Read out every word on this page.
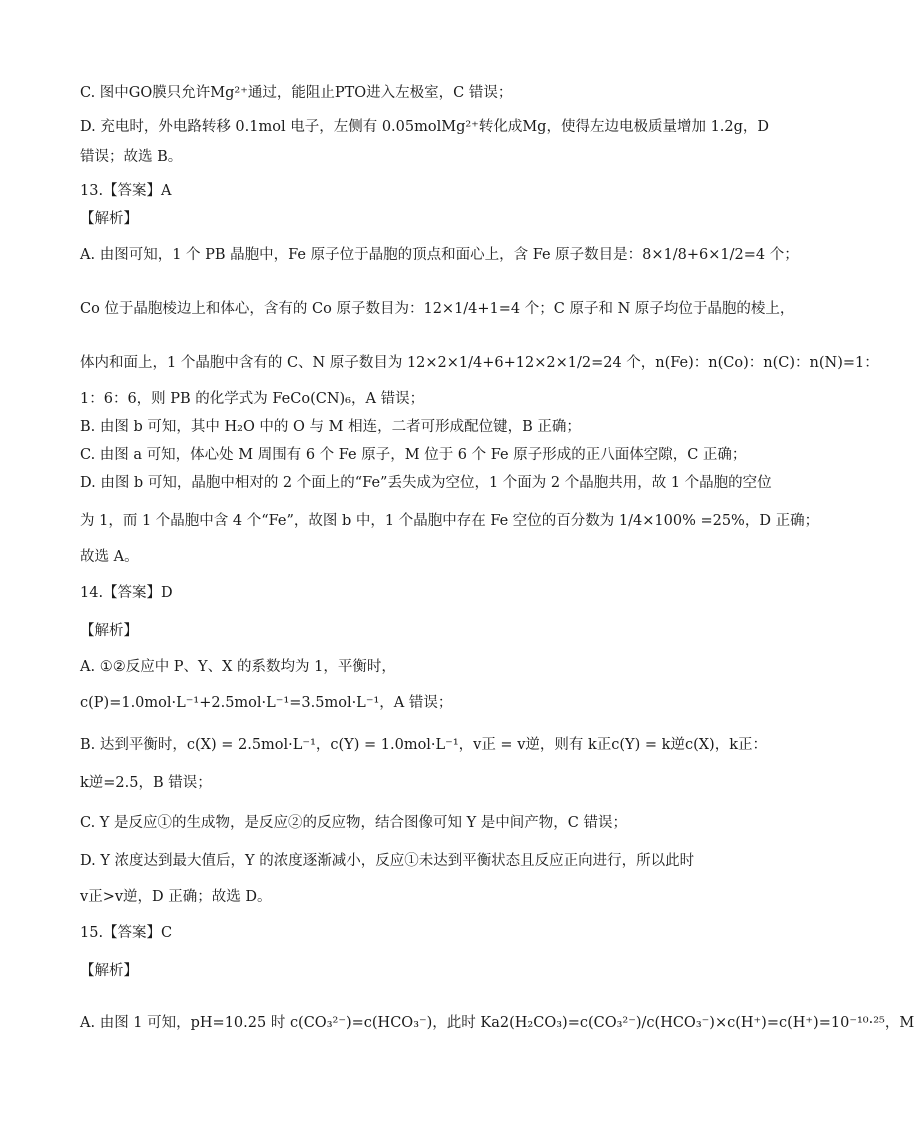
C. 图中GO膜只允许Mg²⁺通过，能阻止PTO进入左极室，C 错误；
D. 充电时，外电路转移 0.1mol 电子，左侧有 0.05molMg²⁺转化成Mg，使得左边电极质量增加 1.2g，D
错误；故选 B。
13.【答案】A
【解析】
A. 由图可知，1 个 PB 晶胞中，Fe 原子位于晶胞的顶点和面心上，含 Fe 原子数目是：8×1/8+6×1/2=4 个；
Co 位于晶胞棱边上和体心，含有的 Co 原子数目为：12×1/4+1=4 个；C 原子和 N 原子均位于晶胞的棱上，
体内和面上，1 个晶胞中含有的 C、N 原子数目为 12×2×1/4+6+12×2×1/2=24 个，n(Fe)：n(Co)：n(C)：n(N)=1：
1：6：6，则 PB 的化学式为 FeCo(CN)₆，A 错误；
B. 由图 b 可知，其中 H₂O 中的 O 与 M 相连，二者可形成配位键，B 正确；
C. 由图 a 可知，体心处 M 周围有 6 个 Fe 原子，M 位于 6 个 Fe 原子形成的正八面体空隙，C 正确；
D. 由图 b 可知，晶胞中相对的 2 个面上的“Fe”丢失成为空位，1 个面为 2 个晶胞共用，故 1 个晶胞的空位
为 1，而 1 个晶胞中含 4 个“Fe”，故图 b 中，1 个晶胞中存在 Fe 空位的百分数为 1/4×100% =25%，D 正确；
故选 A。
14.【答案】D
【解析】
A. ①②反应中 P、Y、X 的系数均为 1，平衡时，
c(P)=1.0mol·L⁻¹+2.5mol·L⁻¹=3.5mol·L⁻¹，A 错误；
B. 达到平衡时，c(X) = 2.5mol·L⁻¹，c(Y) = 1.0mol·L⁻¹，v正 = v逆，则有 k正c(Y) = k逆c(X)，k正：
k逆=2.5，B 错误；
C. Y 是反应①的生成物，是反应②的反应物，结合图像可知 Y 是中间产物，C 错误；
D. Y 浓度达到最大值后，Y 的浓度逐渐减小，反应①未达到平衡状态且反应正向进行，所以此时
v正>v逆，D 正确；故选 D。
15.【答案】C
【解析】
A. 由图 1 可知，pH=10.25 时 c(CO₃²⁻)=c(HCO₃⁻)，此时 Ka2(H₂CO₃)=c(CO₃²⁻)/c(HCO₃⁻)×c(H⁺)=c(H⁺)=10⁻¹⁰·²⁵，M
